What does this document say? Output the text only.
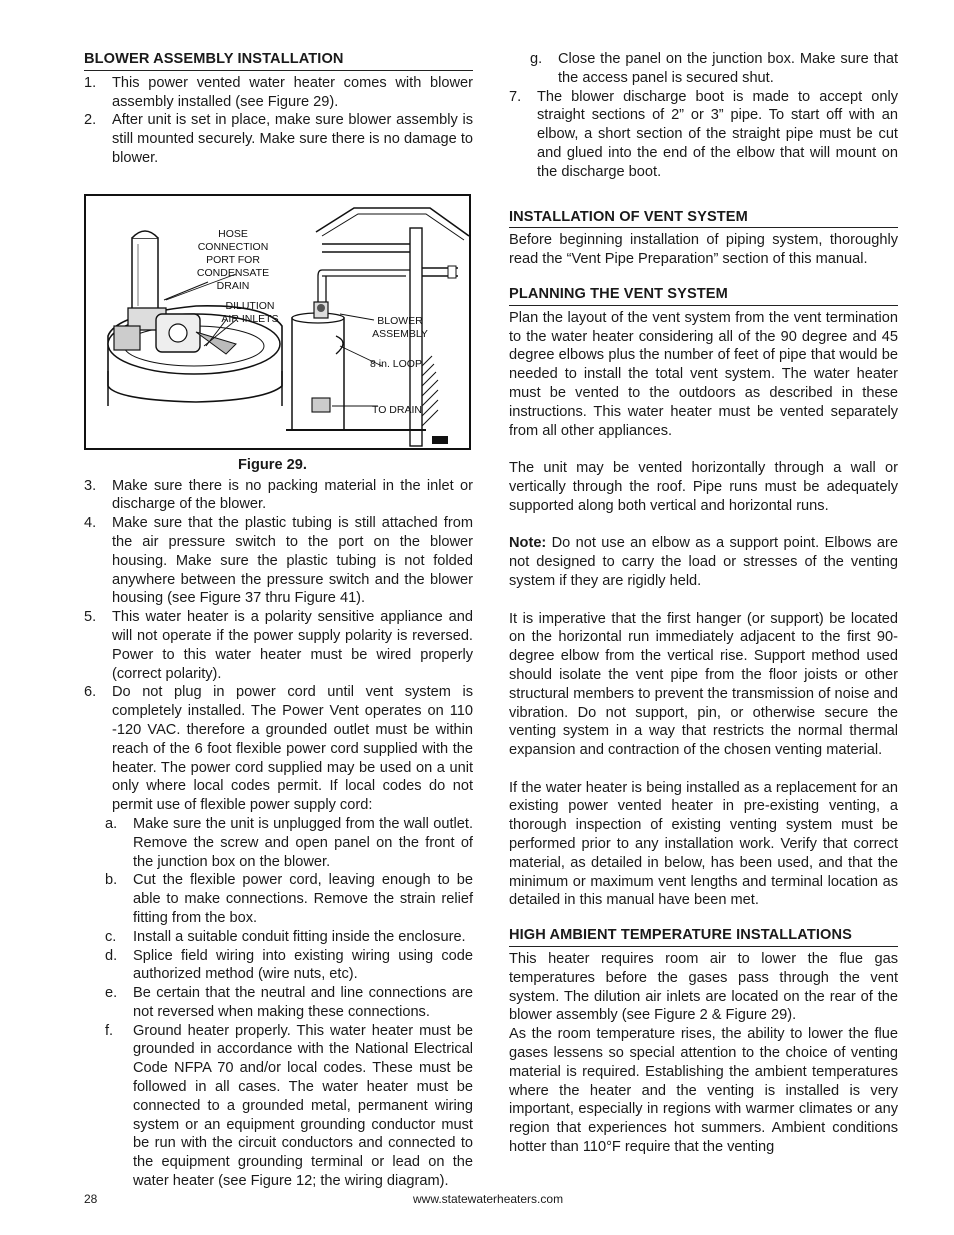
BLOWER ASSEMBLY INSTALLATION
1.	This power vented water heater comes with blower assembly installed (see Figure 29).
2.	After unit is set in place, make sure blower assembly is still mounted securely. Make sure there is no damage to blower.
HOSE CONNECTION PORT FOR CONDENSATE DRAIN
DILUTION AIR INLETS	BLOWER ASSEMBLY
8 in. LOOP
TO DRAIN
Figure 29.
3.	Make sure there is no packing material in the inlet or discharge of the blower.
4.	Make sure that the plastic tubing is still attached from the air pressure switch to the port on the blower housing. Make sure the plastic tubing is not folded anywhere between the pressure switch and the blower housing (see Figure 37 thru Figure 41).
5.	This water heater is a polarity sensitive appliance and will not operate if the power supply polarity is reversed. Power to this water heater must be wired properly (correct polarity).
6.	Do not plug in power cord until vent system is completely installed. The Power Vent operates on 110 -120 VAC. therefore a grounded outlet must be within reach of the 6 foot flexible power cord supplied with the heater. The power cord supplied may be used on a unit only where local codes permit. If local codes do not permit use of flexible power supply cord:
a.	Make sure the unit is unplugged from the wall outlet. Remove the screw and open panel on the front of the junction box on the blower.
b.	Cut the flexible power cord, leaving enough to be able to make connections. Remove the strain relief fitting from the box.
c.	Install a suitable conduit fitting inside the enclosure.
d.	Splice field wiring into existing wiring using code authorized method (wire nuts, etc).
e.	Be certain that the neutral and line connections are not reversed when making these connections.
f.	Ground heater properly. This water heater must be grounded in accordance with the National Electrical Code NFPA 70 and/or local codes. These must be followed in all cases. The water heater must be connected to a grounded metal, permanent wiring system or an equipment grounding conductor must be run with the circuit conductors and connected to the equipment grounding terminal or lead on the water heater (see Figure 12; the wiring diagram).
g.	Close the panel on the junction box. Make sure that the access panel is secured shut.
7.	The blower discharge boot is made to accept only straight sections of 2” or 3” pipe. To start off with an elbow, a short section of the straight pipe must be cut and glued into the end of the elbow that will mount on the discharge boot.
INSTALLATION OF VENT SYSTEM

Before beginning installation of piping system, thoroughly read the “Vent Pipe Preparation” section of this manual.

PLANNING THE VENT SYSTEM

Plan the layout of the vent system from the vent termination to the water heater considering all of the 90 degree and 45 degree elbows plus the number of feet of pipe that would be needed to install the total vent system. The water heater must be vented to the outdoors as described in these instructions. This water heater must be vented separately from all other appliances.

The unit may be vented horizontally through a wall or vertically through the roof. Pipe runs must be adequately supported along both vertical and horizontal runs.

Note: Do not use an elbow as a support point. Elbows are not designed to carry the load or stresses of the venting system if they are rigidly held.

It is imperative that the first hanger (or support) be located on the horizontal run immediately adjacent to the first 90-degree elbow from the vertical rise. Support method used should isolate the vent pipe from the floor joists or other structural members to prevent the transmission of noise and vibration. Do not support, pin, or otherwise secure the venting system in a way that restricts the normal thermal expansion and contraction of the chosen venting material.

If the water heater is being installed as a replacement for an existing power vented heater in pre-existing venting, a thorough inspection of existing venting system must be performed prior to any installation work. Verify that correct material, as detailed in below, has been used, and that the minimum or maximum vent lengths and terminal location as detailed in this manual have been met.

HIGH AMBIENT TEMPERATURE INSTALLATIONS

This heater requires room air to lower the flue gas temperatures before the gases pass through the vent system. The dilution air inlets are located on the rear of the blower assembly (see Figure 2 & Figure 29).

As the room temperature rises, the ability to lower the flue gases lessens so special attention to the choice of venting material is required. Establishing the ambient temperatures where the heater and the venting is installed is very important, especially in regions with warmer climates or any region that experiences hot summers. Ambient conditions hotter than 110°F require that the venting

28	www.statewaterheaters.com
